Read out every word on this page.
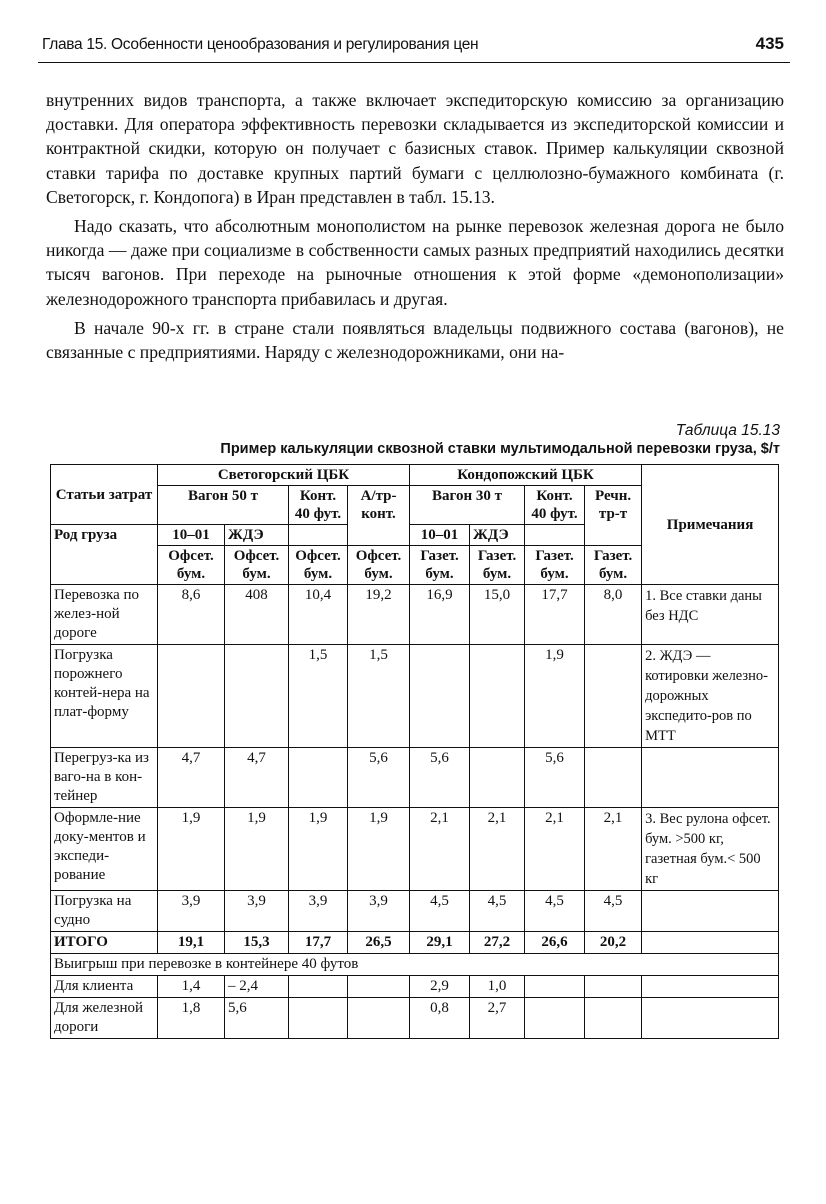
Глава 15. Особенности ценообразования и регулирования цен	435

внутренних видов транспорта, а также включает экспедиторскую комиссию за организацию доставки. Для оператора эффективность перевозки складывается из экспедиторской комиссии и контрактной скидки, которую он получает с базисных ставок. Пример калькуляции сквозной ставки тарифа по доставке крупных партий бумаги с целлюлозно-бумажного комбината (г. Светогорск, г. Кондопога) в Иран представлен в табл. 15.13.

Надо сказать, что абсолютным монополистом на рынке перевозок железная дорога не было никогда — даже при социализме в собственности самых разных предприятий находились десятки тысяч вагонов. При переходе на рыночные отношения к этой форме «демонополизации» железнодорожного транспорта прибавилась и другая.

В начале 90-х гг. в стране стали появляться владельцы подвижного состава (вагонов), не связанные с предприятиями. Наряду с железнодорожниками, они на-

Таблица 15.13
Пример калькуляции сквозной ставки мультимодальной перевозки груза, $/т
Статьи затрат	Светогорский ЦБК				Кондопожский ЦБК				Примечания
	Вагон 50 т		Конт. 40 фут.	А/тр-конт.	Вагон 30 т		Конт. 40 фут.	Речн. тр-т	
Род груза	10–01	ЖДЭ			10–01	ЖДЭ			
	Офсет. бум.	Офсет. бум.	Офсет. бум.	Офсет. бум.	Газет. бум.	Газет. бум.	Газет. бум.	Газет. бум.	
Перевозка по желез-ной дороге	8,6	408	10,4	19,2	16,9	15,0	17,7	8,0	1. Все ставки даны без НДС
Погрузка порожнего контей-нера на плат-форму			1,5	1,5			1,9		2. ЖДЭ — котировки железно-дорожных экспедито-ров по МТТ
Перегруз-ка из ваго-на в кон-тейнер	4,7	4,7		5,6	5,6		5,6		
Оформле-ние доку-ментов и экспеди-рование	1,9	1,9	1,9	1,9	2,1	2,1	2,1	2,1	3. Вес рулона офсет. бум. >500 кг, газетная бум.< 500 кг
Погрузка на судно	3,9	3,9	3,9	3,9	4,5	4,5	4,5	4,5	
ИТОГО	19,1	15,3	17,7	26,5	29,1	27,2	26,6	20,2	
Выигрыш при перевозке в контейнере 40 футов									
Для клиента	1,4	– 2,4			2,9	1,0			
Для железной дороги	1,8	5,6			0,8	2,7			
